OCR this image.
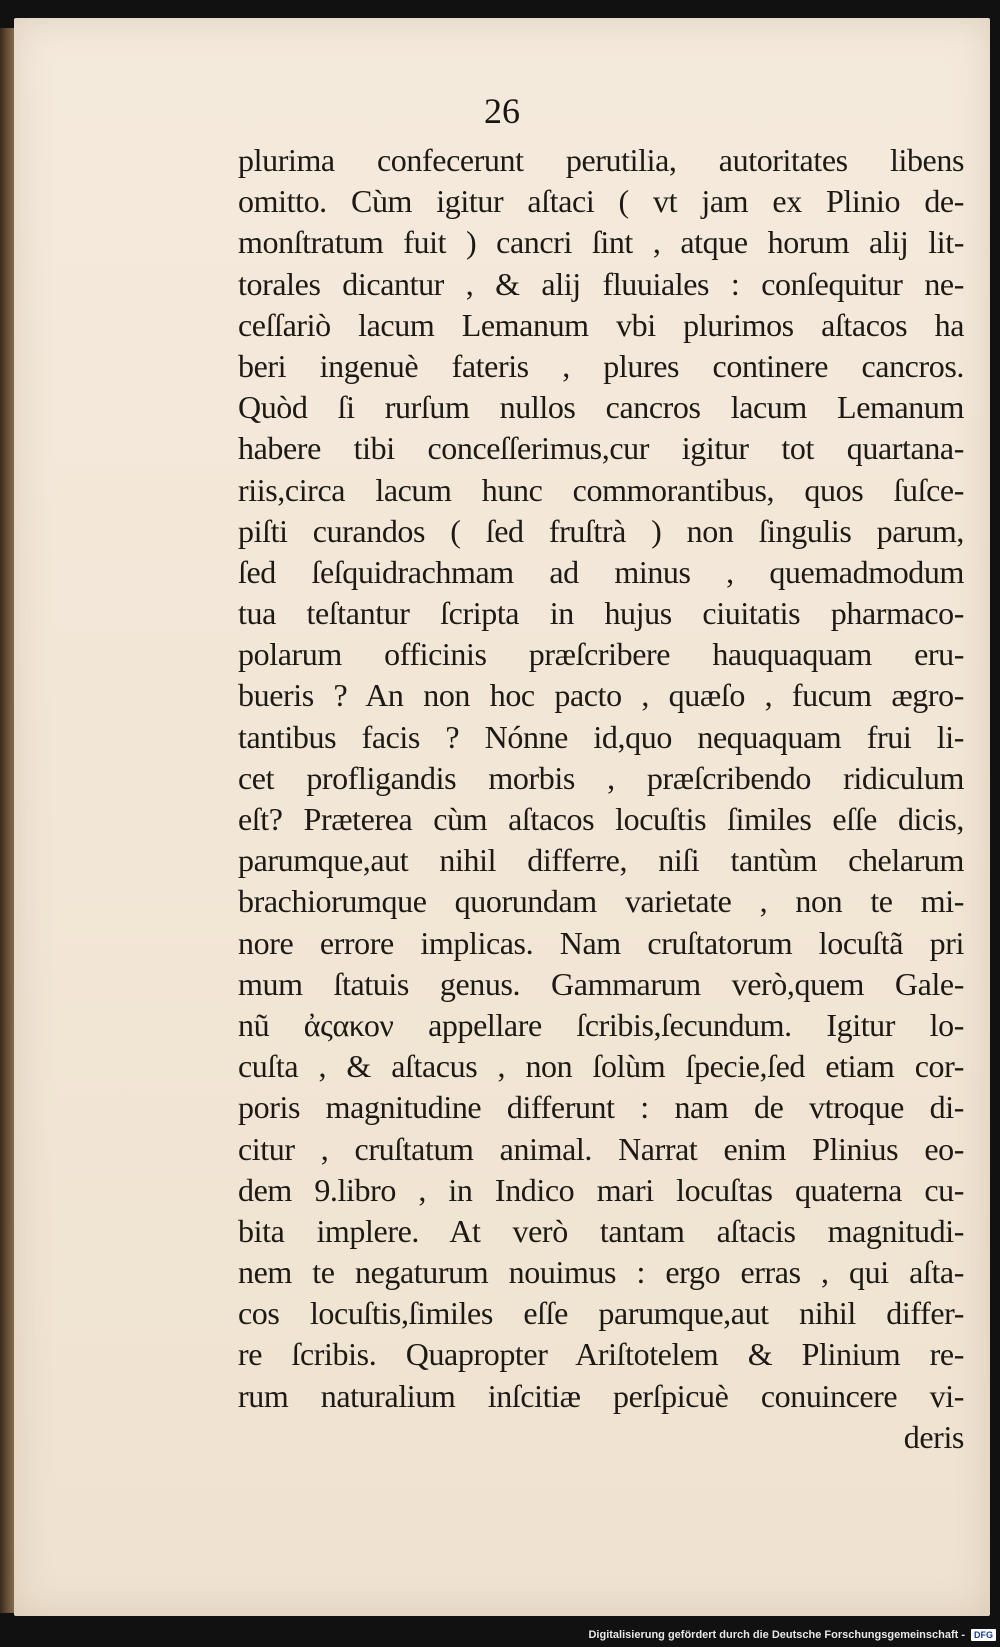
26
plurima confecerunt perutilia, autoritates libens
omitto. Cùm igitur aſtaci ( vt jam ex Plinio de-
monſtratum fuit ) cancri ſint , atque horum alij lit-
torales dicantur , & alij fluuiales : conſequitur ne-
ceſſariò lacum Lemanum vbi plurimos aſtacos ha
beri ingenuè fateris , plures continere cancros.
Quòd ſi rurſum nullos cancros lacum Lemanum
habere tibi conceſſerimus,cur igitur tot quartana-
riis,circa lacum hunc commorantibus, quos ſuſce-
piſti curandos ( ſed fruſtrà ) non ſingulis parum,
ſed ſeſquidrachmam ad minus , quemadmodum
tua teſtantur ſcripta in hujus ciuitatis pharmaco-
polarum officinis præſcribere hauquaquam eru-
bueris ? An non hoc pacto , quæſo , fucum ægro-
tantibus facis ? Nónne id,quo nequaquam frui li-
cet profligandis morbis , præſcribendo ridiculum
eſt? Præterea cùm aſtacos locuſtis ſimiles eſſe dicis,
parumque,aut nihil differre, niſi tantùm chelarum
brachiorumque quorundam varietate , non te mi-
nore errore implicas. Nam cruſtatorum locuſtã pri
mum ſtatuis genus. Gammarum verò,quem Gale-
nũ ἀςακον appellare ſcribis,ſecundum. Igitur lo-
cuſta , & aſtacus , non ſolùm ſpecie,ſed etiam cor-
poris magnitudine differunt : nam de vtroque di-
citur , cruſtatum animal. Narrat enim Plinius eo-
dem 9.libro , in Indico mari locuſtas quaterna cu-
bita implere. At verò tantam aſtacis magnitudi-
nem te negaturum nouimus : ergo erras , qui aſta-
cos locuſtis,ſimiles eſſe parumque,aut nihil differ-
re ſcribis. Quapropter Ariſtotelem & Plinium re-
rum naturalium inſcitiæ perſpicuè conuincere vi-
deris
Digitalisierung gefördert durch die Deutsche Forschungsgemeinschaft -	DFG
